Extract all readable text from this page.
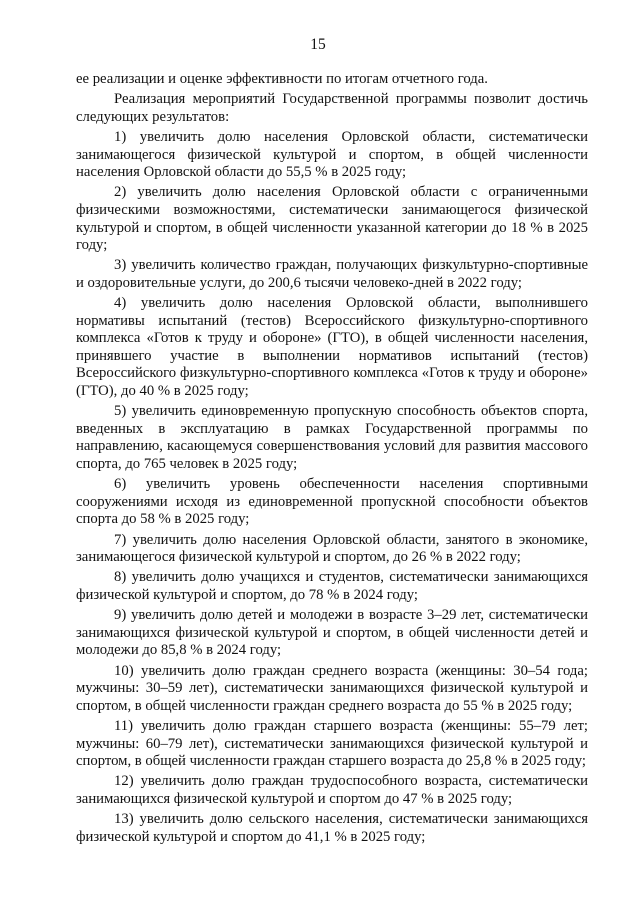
15

ее реализации и оценке эффективности по итогам отчетного года.

Реализация мероприятий Государственной программы позволит достичь следующих результатов:

1) увеличить долю населения Орловской области, систематически занимающегося физической культурой и спортом, в общей численности населения Орловской области до 55,5 % в 2025 году;

2) увеличить долю населения Орловской области с ограниченными физическими возможностями, систематически занимающегося физической культурой и спортом, в общей численности указанной категории до 18 % в 2025 году;

3) увеличить количество граждан, получающих физкультурно-спортивные и оздоровительные услуги, до 200,6 тысячи человеко-дней в 2022 году;

4) увеличить долю населения Орловской области, выполнившего нормативы испытаний (тестов) Всероссийского физкультурно-спортивного комплекса «Готов к труду и обороне» (ГТО), в общей численности населения, принявшего участие в выполнении нормативов испытаний (тестов) Всероссийского физкультурно-спортивного комплекса «Готов к труду и обороне» (ГТО), до 40 % в 2025 году;

5) увеличить единовременную пропускную способность объектов спорта, введенных в эксплуатацию в рамках Государственной программы по направлению, касающемуся совершенствования условий для развития массового спорта, до 765 человек в 2025 году;

6) увеличить уровень обеспеченности населения спортивными сооружениями исходя из единовременной пропускной способности объектов спорта до 58 % в 2025 году;

7) увеличить долю населения Орловской области, занятого в экономике, занимающегося физической культурой и спортом, до 26 % в 2022 году;

8) увеличить долю учащихся и студентов, систематически занимающихся физической культурой и спортом, до 78 % в 2024 году;

9) увеличить долю детей и молодежи в возрасте 3–29 лет, систематически занимающихся физической культурой и спортом, в общей численности детей и молодежи до 85,8 % в 2024 году;

10) увеличить долю граждан среднего возраста (женщины: 30–54 года; мужчины: 30–59 лет), систематически занимающихся физической культурой и спортом, в общей численности граждан среднего возраста до 55 % в 2025 году;

11) увеличить долю граждан старшего возраста (женщины: 55–79 лет; мужчины: 60–79 лет), систематически занимающихся физической культурой и спортом, в общей численности граждан старшего возраста до 25,8 % в 2025 году;

12) увеличить долю граждан трудоспособного возраста, систематически занимающихся физической культурой и спортом до 47 % в 2025 году;

13) увеличить долю сельского населения, систематически занимающихся физической культурой и спортом до 41,1 % в 2025 году;
